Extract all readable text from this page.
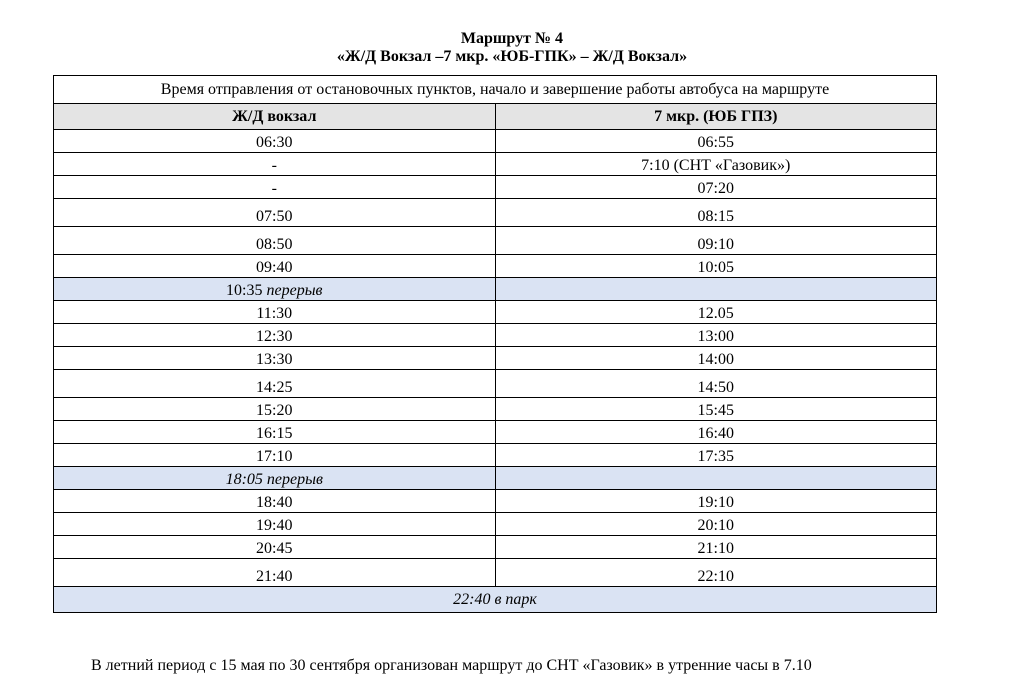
Маршрут № 4
«Ж/Д Вокзал –7 мкр. «ЮБ-ГПК» – Ж/Д Вокзал»
Время отправления от остановочных пунктов, начало и завершение работы автобуса на маршруте	
Ж/Д вокзал	7 мкр. (ЮБ ГПЗ)
06:30	06:55
-	7:10 (СНТ «Газовик»)
-	07:20
07:50	08:15
08:50	09:10
09:40	10:05
10:35 перерыв	
11:30	12.05
12:30	13:00
13:30	14:00
14:25	14:50
15:20	15:45
16:15	16:40
17:10	17:35
18:05 перерыв	
18:40	19:10
19:40	20:10
20:45	21:10
21:40	22:10
22:40 в парк	
В летний период с 15 мая по 30 сентября организован маршрут до СНТ «Газовик» в утренние часы в 7.10
